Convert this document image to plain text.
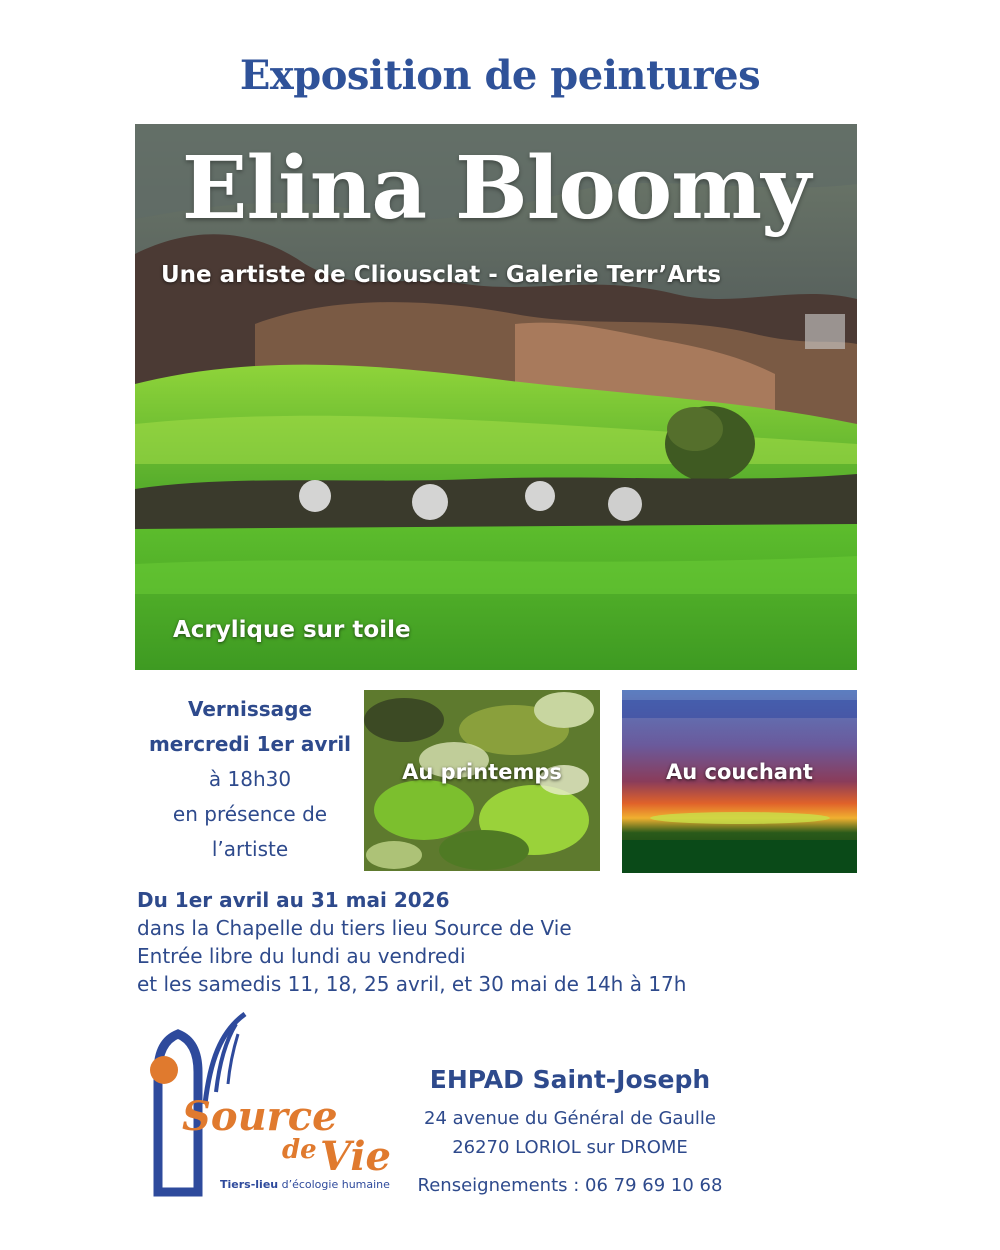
Exposition de peintures
Elina Bloomy
Une artiste de Cliousclat - Galerie Terr’Arts
Acrylique sur toile
Vernissage
mercredi 1er avril
à 18h30
en présence de
l’artiste
Au printemps	Au couchant
Du 1er avril au 31 mai 2026
dans la Chapelle du tiers lieu Source de Vie
Entrée libre du lundi au vendredi
et les samedis 11, 18, 25 avril, et 30 mai de 14h à 17h
Source
de Vie
Tiers-lieu d’écologie humaine
EHPAD Saint-Joseph
24 avenue du Général de Gaulle
26270 LORIOL sur DROME
Renseignements : 06 79 69 10 68
